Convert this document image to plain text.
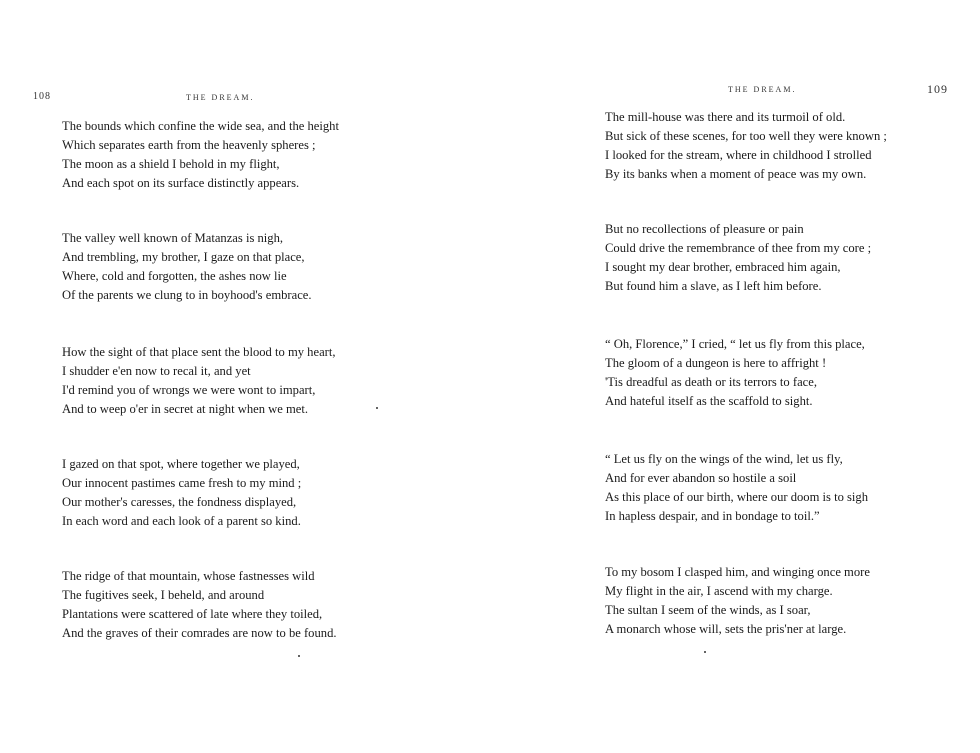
108	THE DREAM.
The bounds which confine the wide sea, and the height
Which separates earth from the heavenly spheres ;
The moon as a shield I behold in my flight,
And each spot on its surface distinctly appears.
The valley well known of Matanzas is nigh,
And trembling, my brother, I gaze on that place,
Where, cold and forgotten, the ashes now lie
Of the parents we clung to in boyhood's embrace.
How the sight of that place sent the blood to my heart,
I shudder e'en now to recal it, and yet
I'd remind you of wrongs we were wont to impart,
And to weep o'er in secret at night when we met.
I gazed on that spot, where together we played,
Our innocent pastimes came fresh to my mind ;
Our mother's caresses, the fondness displayed,
In each word and each look of a parent so kind.
The ridge of that mountain, whose fastnesses wild
The fugitives seek, I beheld, and around
Plantations were scattered of late where they toiled,
And the graves of their comrades are now to be found.
THE DREAM.	109
The mill-house was there and its turmoil of old.
But sick of these scenes, for too well they were known ;
I looked for the stream, where in childhood I strolled
By its banks when a moment of peace was my own.
But no recollections of pleasure or pain
Could drive the remembrance of thee from my core ;
I sought my dear brother, embraced him again,
But found him a slave, as I left him before.
“ Oh, Florence,” I cried, “ let us fly from this place,
The gloom of a dungeon is here to affright !
'Tis dreadful as death or its terrors to face,
And hateful itself as the scaffold to sight.
“ Let us fly on the wings of the wind, let us fly,
And for ever abandon so hostile a soil
As this place of our birth, where our doom is to sigh
In hapless despair, and in bondage to toil.”
To my bosom I clasped him, and winging once more
My flight in the air, I ascend with my charge.
The sultan I seem of the winds, as I soar,
A monarch whose will, sets the pris'ner at large.
